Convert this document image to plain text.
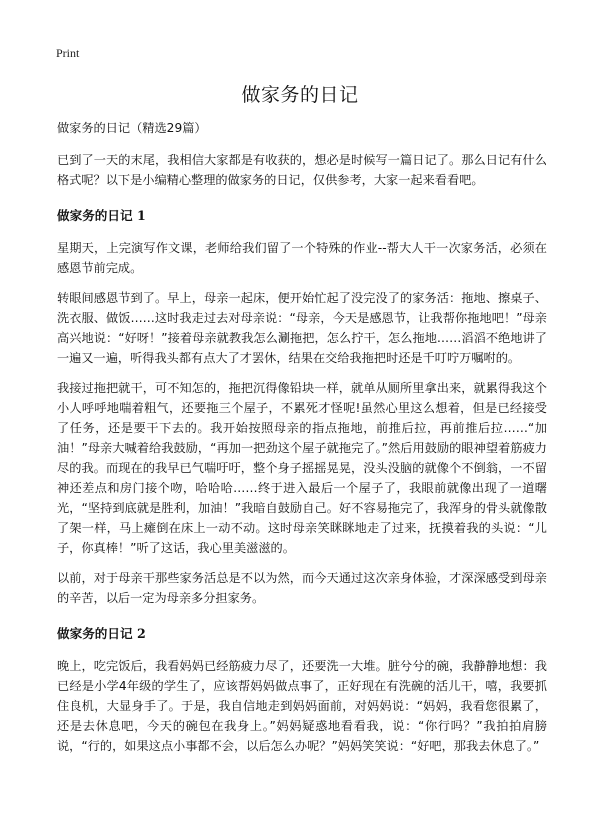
Print
做家务的日记

做家务的日记（精选29篇）

已到了一天的末尾，我相信大家都是有收获的，想必是时候写一篇日记了。那么日记有什么格式呢？以下是小编精心整理的做家务的日记，仅供参考，大家一起来看看吧。

做家务的日记 1

星期天，上完演写作文课，老师给我们留了一个特殊的作业--帮大人干一次家务活，必须在感恩节前完成。

转眼间感恩节到了。早上，母亲一起床，便开始忙起了没完没了的家务活：拖地、擦桌子、洗衣服、做饭……这时我走过去对母亲说：“母亲，今天是感恩节，让我帮你拖地吧！”母亲高兴地说：“好呀！”接着母亲就教我怎么涮拖把，怎么拧干，怎么拖地……滔滔不绝地讲了一遍又一遍，听得我头都有点大了才罢休，结果在交给我拖把时还是千叮咛万嘱咐的。

我接过拖把就干，可不知怎的，拖把沉得像铅块一样，就单从厕所里拿出来，就累得我这个小人呼呼地喘着粗气，还要拖三个屋子，不累死才怪呢!虽然心里这么想着，但是已经接受了任务，还是要干下去的。我开始按照母亲的指点拖地，前推后拉，再前推后拉……“加油！”母亲大喊着给我鼓励，“再加一把劲这个屋子就拖完了。”然后用鼓励的眼神望着筋疲力尽的我。而现在的我早已气喘吁吁，整个身子摇摇晃晃，没头没脑的就像个不倒翁，一不留神还差点和房门接个吻，哈哈哈……终于进入最后一个屋子了，我眼前就像出现了一道曙光，“坚持到底就是胜利，加油！”我暗自鼓励自己。好不容易拖完了，我浑身的骨头就像散了架一样，马上瘫倒在床上一动不动。这时母亲笑眯眯地走了过来，抚摸着我的头说：“儿子，你真棒！”听了这话，我心里美滋滋的。

以前，对于母亲干那些家务活总是不以为然，而今天通过这次亲身体验，才深深感受到母亲的辛苦，以后一定为母亲多分担家务。

做家务的日记 2

晚上，吃完饭后，我看妈妈已经筋疲力尽了，还要洗一大堆。脏兮兮的碗，我静静地想：我已经是小学4年级的学生了，应该帮妈妈做点事了，正好现在有洗碗的活儿干，嘻，我要抓住良机，大显身手了。于是，我自信地走到妈妈面前，对妈妈说：“妈妈，我看您很累了，还是去休息吧，今天的碗包在我身上。”妈妈疑惑地看看我，说：“你行吗？”我拍拍肩膀说，“行的，如果这点小事都不会，以后怎么办呢？”妈妈笑笑说：“好吧，那我去休息了。”
